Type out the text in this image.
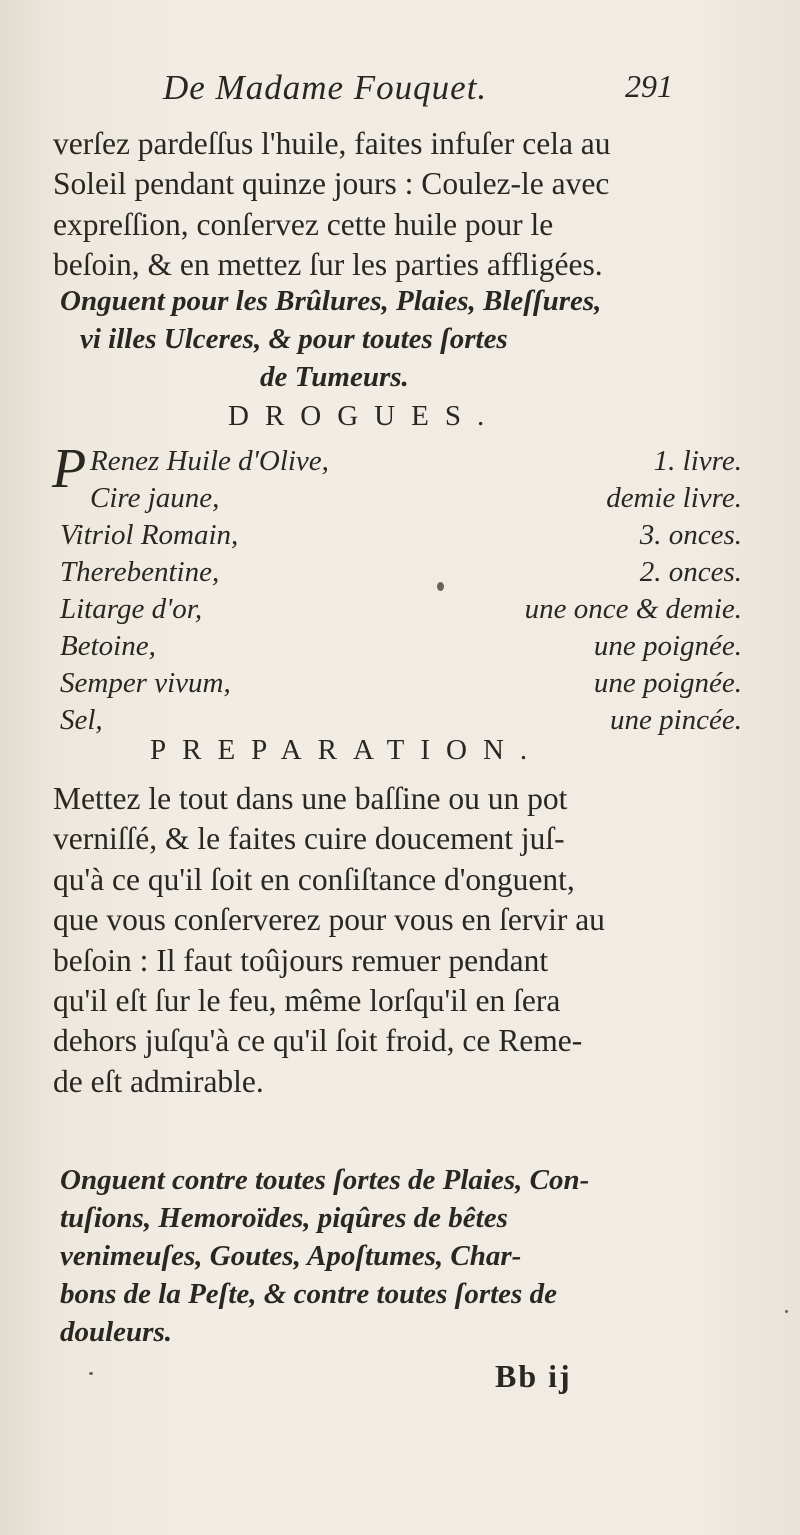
De Madame Fouquet.	291

verſez pardeſſus l'huile, faites infuſer cela au
Soleil pendant quinze jours : Coulez-le avec
expreſſion, conſervez cette huile pour le
beſoin, & en mettez ſur les parties affligées.

Onguent pour les Brûlures, Plaies, Bleſſures,
vi illes Ulceres, & pour toutes ſortes
de Tumeurs.
DROGUES.
P Renez Huile d'Olive,	1. livre.
Cire jaune,	demie livre.
Vitriol Romain,	3. onces.
Therebentine,	2. onces.
Litarge d'or,	une once & demie.
Betoine,	une poignée.
Semper vivum,	une poignée.
Sel,	une pincée.
PREPARATION.

Mettez le tout dans une baſſine ou un pot
verniſſé, & le faites cuire doucement juſ-
qu'à ce qu'il ſoit en conſiſtance d'onguent,
que vous conſerverez pour vous en ſervir au
beſoin : Il faut toûjours remuer pendant
qu'il eſt ſur le feu, même lorſqu'il en ſera
dehors juſqu'à ce qu'il ſoit froid, ce Reme-
de eſt admirable.

Onguent contre toutes ſortes de Plaies, Con-
tuſions, Hemoroïdes, piqûres de bêtes
venimeuſes, Goutes, Apoſtumes, Char-
bons de la Peſte, & contre toutes ſortes de
douleurs.
Bb ij
